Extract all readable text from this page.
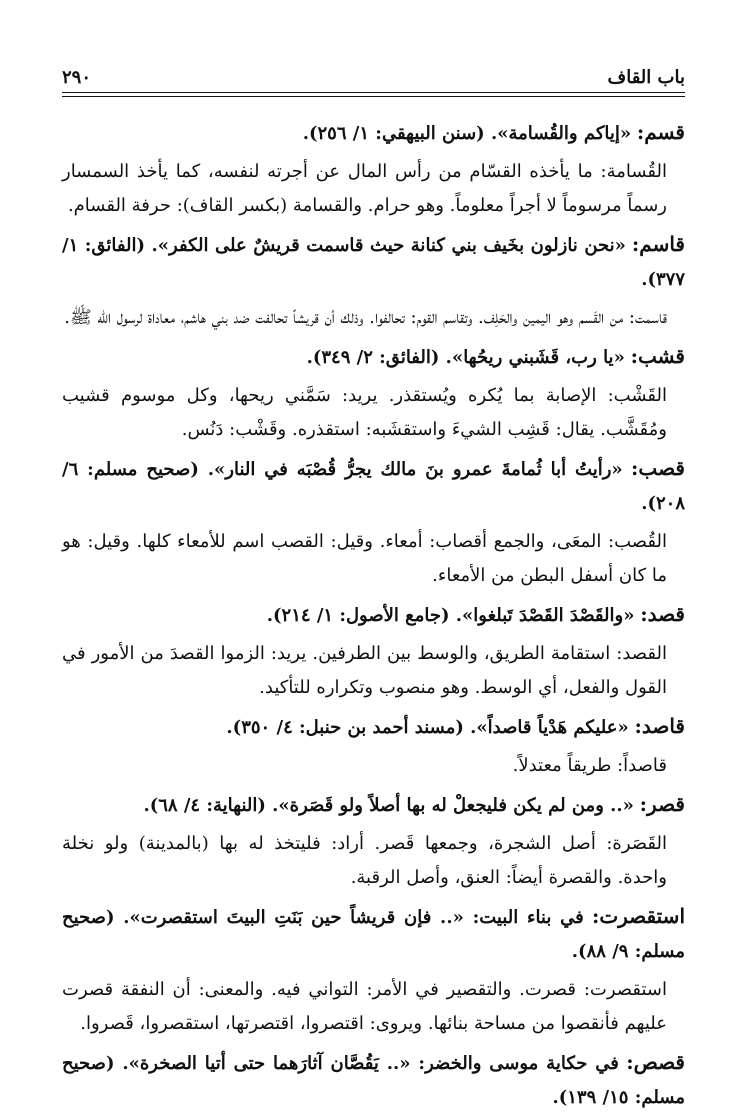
باب القاف
٢٩٠

قسم: «إياكم والقُسامة». (سنن البيهقي: ١/ ٢٥٦).

القُسامة: ما يأخذه القسّام من رأس المال عن أجرته لنفسه، كما يأخذ السمسار رسماً مرسوماً لا أجراً معلوماً. وهو حرام. والقسامة (بكسر القاف): حرفة القسام.

قاسم: «نحن نازلون بخَيف بني كنانة حيث قاسمت قريشٌ على الكفر». (الفائق: ١/ ٣٧٧).

قاسمت: من القَسم وهو اليمين والحَلِف. وتقاسم القوم: تحالفوا. وذلك أن قريشاً تحالفت ضد بني هاشم، معاداة لرسول الله ﷺ.

قشب: «يا رب، قَشَبني ريحُها». (الفائق: ٢/ ٣٤٩).

القَشْب: الإصابة بما يُكره ويُستقذر. يريد: سَمَّني ريحها، وكل موسوم قشيب ومُقَشَّب. يقال: قَشِب الشيءَ واستقشَبه: استقذره. وقَشْب: دَنُس.

قصب: «رأيتُ أبا ثُمامةَ عمرو بنَ مالك يجرُّ قُصْبَه في النار». (صحيح مسلم: ٦/ ٢٠٨).

القُصب: المعَى، والجمع أقصاب: أمعاء. وقيل: القصب اسم للأمعاء كلها. وقيل: هو ما كان أسفل البطن من الأمعاء.

قصد: «والقَصْدَ القَصْدَ تَبلغوا». (جامع الأصول: ١/ ٢١٤).

القصد: استقامة الطريق، والوسط بين الطرفين. يريد: الزموا القصدَ من الأمور في القول والفعل، أي الوسط. وهو منصوب وتكراره للتأكيد.

قاصد: «عليكم هَدْياً قاصداً». (مسند أحمد بن حنبل: ٤/ ٣٥٠).

قاصداً: طريقاً معتدلاً.

قصر: «.. ومن لم يكن فليجعلْ له بها أصلاً ولو قَصَرة». (النهاية: ٤/ ٦٨).

القَصَرة: أصل الشجرة، وجمعها قَصر. أراد: فليتخذ له بها (بالمدينة) ولو نخلة واحدة. والقصرة أيضاً: العنق، وأصل الرقبة.

استقصرت: في بناء البيت: «.. فإن قريشاً حين بَنَتِ البيتَ استقصرت». (صحيح مسلم: ٩/ ٨٨).

استقصرت: قصرت. والتقصير في الأمر: التواني فيه. والمعنى: أن النفقة قصرت عليهم فأنقصوا من مساحة بنائها. ويروى: اقتصروا، اقتصرتها، استقصروا، قَصروا.

قصص: في حكاية موسى والخضر: «.. يَقُصَّان آثارَهما حتى أتيا الصخرة». (صحيح مسلم: ١٥/ ١٣٩).
